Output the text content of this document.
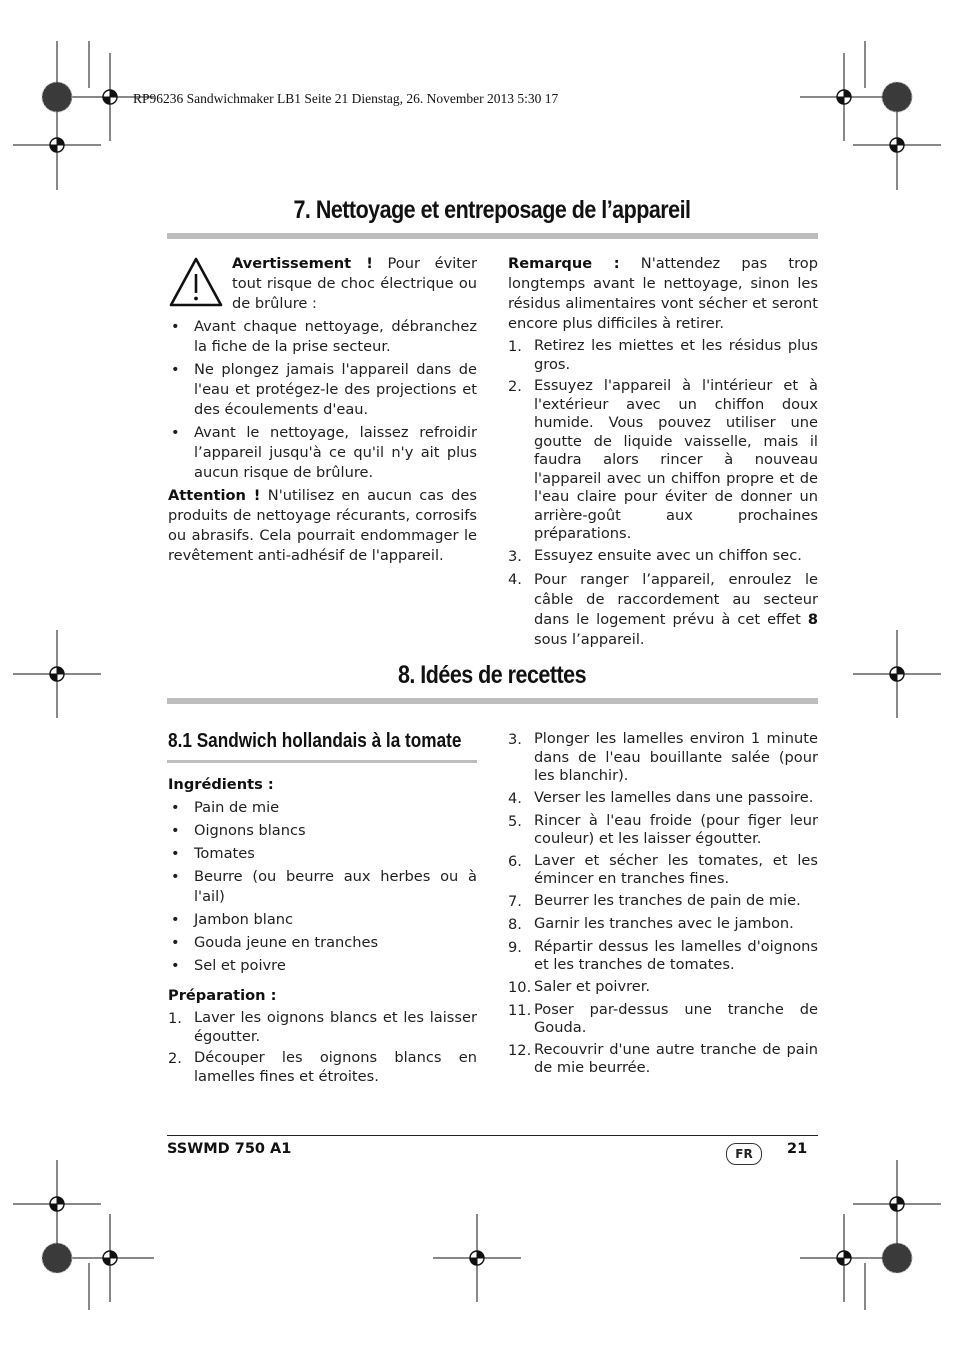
RP96236 Sandwichmaker LB1 Seite 21 Dienstag, 26. November 2013 5:30 17
7. Nettoyage et entreposage de l’appareil

Avertissement ! Pour éviter tout risque de choc électrique ou de brûlure :

• Avant chaque nettoyage, débranchez la fiche de la prise secteur.
• Ne plongez jamais l'appareil dans de l'eau et protégez-le des projections et des écoulements d'eau.
• Avant le nettoyage, laissez refroidir l’appareil jusqu'à ce qu'il n'y ait plus aucun risque de brûlure.

Attention ! N'utilisez en aucun cas des produits de nettoyage récurants, corrosifs ou abrasifs. Cela pourrait endommager le revêtement anti-adhésif de l'appareil.

Remarque : N'attendez pas trop longtemps avant le nettoyage, sinon les résidus alimentaires vont sécher et seront encore plus difficiles à retirer.

1. Retirez les miettes et les résidus plus gros.
2. Essuyez l'appareil à l'intérieur et à l'extérieur avec un chiffon doux humide. Vous pouvez utiliser une goutte de liquide vaisselle, mais il faudra alors rincer à nouveau l'appareil avec un chiffon propre et de l'eau claire pour éviter de donner un arrière-goût aux prochaines préparations.
3. Essuyez ensuite avec un chiffon sec.
4. Pour ranger l’appareil, enroulez le câble de raccordement au secteur dans le logement prévu à cet effet 8 sous l’appareil.
8. Idées de recettes
8.1 Sandwich hollandais à la tomate

Ingrédients :

• Pain de mie
• Oignons blancs
• Tomates
• Beurre (ou beurre aux herbes ou à l'ail)
• Jambon blanc
• Gouda jeune en tranches
• Sel et poivre

Préparation :

1. Laver les oignons blancs et les laisser égoutter.
2. Découper les oignons blancs en lamelles fines et étroites.
3. Plonger les lamelles environ 1 minute dans de l'eau bouillante salée (pour les blanchir).
4. Verser les lamelles dans une passoire.
5. Rincer à l'eau froide (pour figer leur couleur) et les laisser égoutter.
6. Laver et sécher les tomates, et les émincer en tranches fines.
7. Beurrer les tranches de pain de mie.
8. Garnir les tranches avec le jambon.
9. Répartir dessus les lamelles d'oignons et les tranches de tomates.
10. Saler et poivrer.
11. Poser par-dessus une tranche de Gouda.
12. Recouvrir d'une autre tranche de pain de mie beurrée.
SSWMD 750 A1	FR	21
